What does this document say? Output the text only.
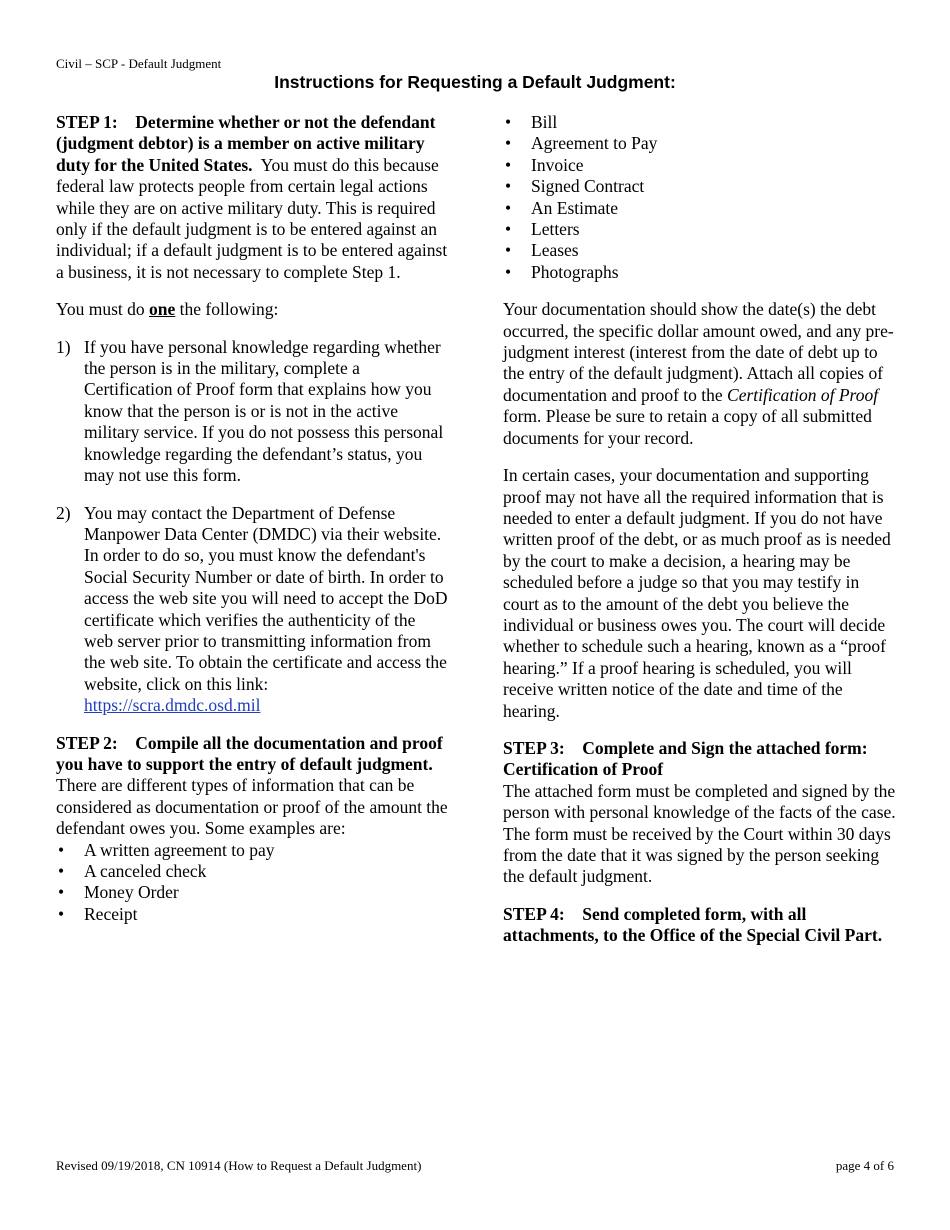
Civil – SCP - Default Judgment
Instructions for Requesting a Default Judgment:

STEP 1: Determine whether or not the defendant (judgment debtor) is a member on active military duty for the United States. You must do this because federal law protects people from certain legal actions while they are on active military duty. This is required only if the default judgment is to be entered against an individual; if a default judgment is to be entered against a business, it is not necessary to complete Step 1.

You must do one the following:

1) If you have personal knowledge regarding whether the person is in the military, complete a Certification of Proof form that explains how you know that the person is or is not in the active military service. If you do not possess this personal knowledge regarding the defendant’s status, you may not use this form.
2) You may contact the Department of Defense Manpower Data Center (DMDC) via their website. In order to do so, you must know the defendant's Social Security Number or date of birth. In order to access the web site you will need to accept the DoD certificate which verifies the authenticity of the web server prior to transmitting information from the web site. To obtain the certificate and access the website, click on this link: https://scra.dmdc.osd.mil

STEP 2: Compile all the documentation and proof you have to support the entry of default judgment.  There are different types of information that can be considered as documentation or proof of the amount the defendant owes you. Some examples are:

•	A written agreement to pay
•	A canceled check
•	Money Order
•	Receipt
•	Bill
•	Agreement to Pay
•	Invoice
•	Signed Contract
•	An Estimate
•	Letters
•	Leases
•	Photographs

Your documentation should show the date(s) the debt occurred, the specific dollar amount owed, and any pre-judgment interest (interest from the date of debt up to the entry of the default judgment). Attach all copies of documentation and proof to the Certification of Proof form. Please be sure to retain a copy of all submitted documents for your record.

In certain cases, your documentation and supporting proof may not have all the required information that is needed to enter a default judgment. If you do not have written proof of the debt, or as much proof as is needed by the court to make a decision, a hearing may be scheduled before a judge so that you may testify in court as to the amount of the debt you believe the individual or business owes you. The court will decide whether to schedule such a hearing, known as a “proof hearing.” If a proof hearing is scheduled, you will receive written notice of the date and time of the hearing.

STEP 3: Complete and Sign the attached form: Certification of Proof

The attached form must be completed and signed by the person with personal knowledge of the facts of the case. The form must be received by the Court within 30 days from the date that it was signed by the person seeking the default judgment.

STEP 4: Send completed form, with all attachments, to the Office of the Special Civil Part.

Revised 09/19/2018, CN 10914 (How to Request a Default Judgment)	page 4 of 6
